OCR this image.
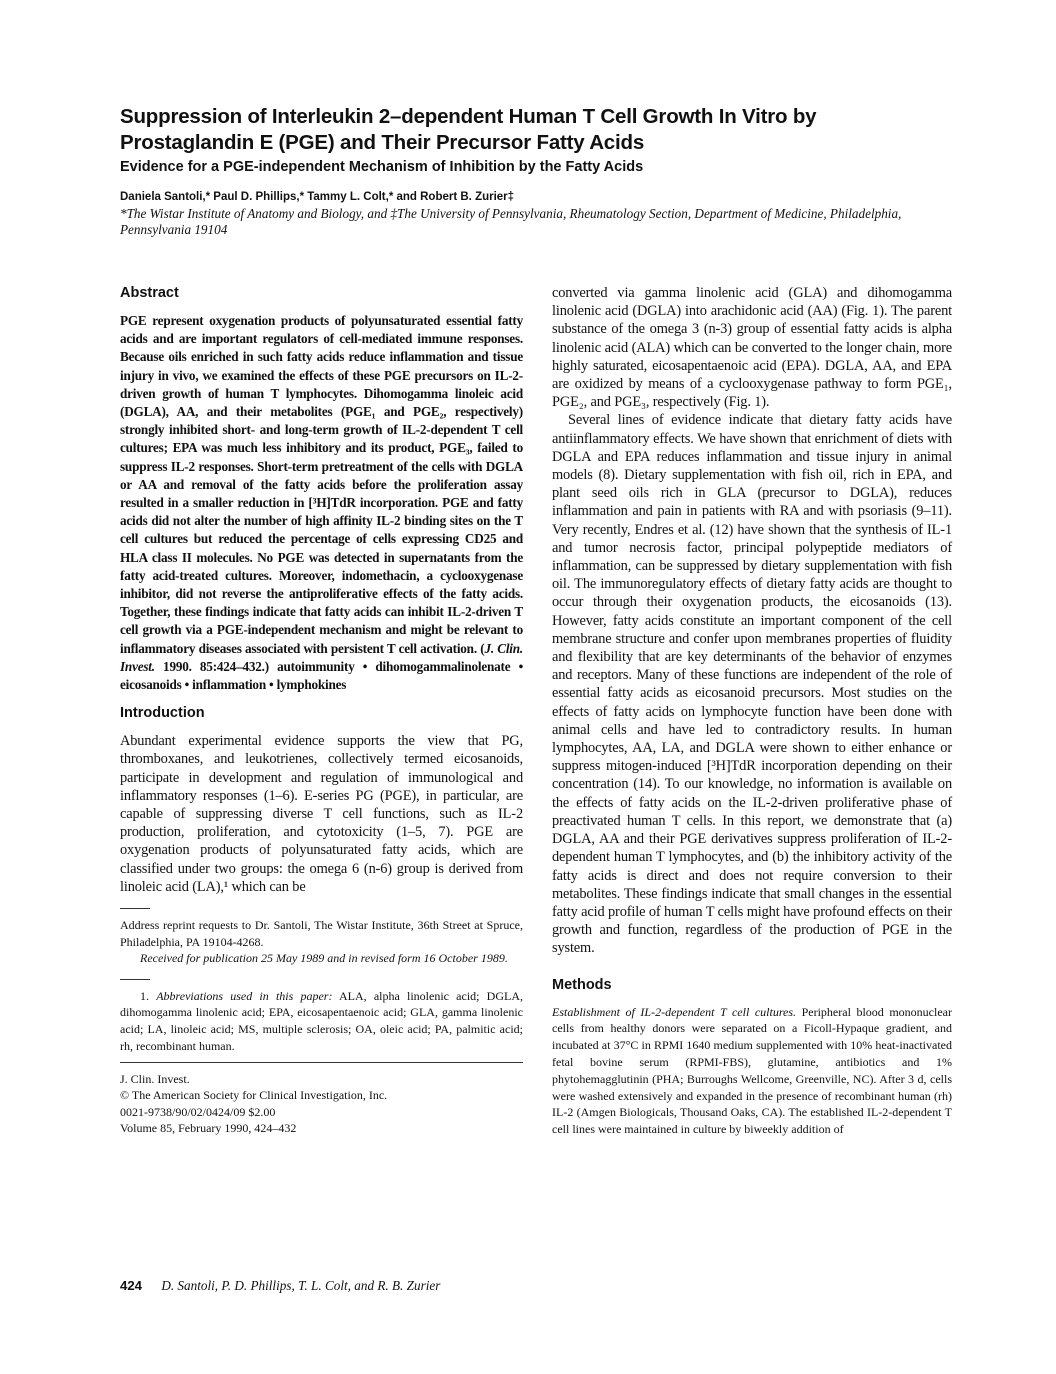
Suppression of Interleukin 2–dependent Human T Cell Growth In Vitro by Prostaglandin E (PGE) and Their Precursor Fatty Acids
Evidence for a PGE-independent Mechanism of Inhibition by the Fatty Acids
Daniela Santoli,* Paul D. Phillips,* Tammy L. Colt,* and Robert B. Zurier‡
*The Wistar Institute of Anatomy and Biology, and ‡The University of Pennsylvania, Rheumatology Section, Department of Medicine, Philadelphia, Pennsylvania 19104
Abstract

PGE represent oxygenation products of polyunsaturated essential fatty acids and are important regulators of cell-mediated immune responses. Because oils enriched in such fatty acids reduce inflammation and tissue injury in vivo, we examined the effects of these PGE precursors on IL-2-driven growth of human T lymphocytes. Dihomogamma linoleic acid (DGLA), AA, and their metabolites (PGE₁ and PGE₂, respectively) strongly inhibited short- and long-term growth of IL-2-dependent T cell cultures; EPA was much less inhibitory and its product, PGE₃, failed to suppress IL-2 responses. Short-term pretreatment of the cells with DGLA or AA and removal of the fatty acids before the proliferation assay resulted in a smaller reduction in [³H]TdR incorporation. PGE and fatty acids did not alter the number of high affinity IL-2 binding sites on the T cell cultures but reduced the percentage of cells expressing CD25 and HLA class II molecules. No PGE was detected in supernatants from the fatty acid-treated cultures. Moreover, indomethacin, a cyclooxygenase inhibitor, did not reverse the antiproliferative effects of the fatty acids. Together, these findings indicate that fatty acids can inhibit IL-2-driven T cell growth via a PGE-independent mechanism and might be relevant to inflammatory diseases associated with persistent T cell activation. (J. Clin. Invest. 1990. 85:424–432.) autoimmunity • dihomogammalinolenate • eicosanoids • inflammation • lymphokines

Introduction

Abundant experimental evidence supports the view that PG, thromboxanes, and leukotrienes, collectively termed eicosanoids, participate in development and regulation of immunological and inflammatory responses (1–6). E-series PG (PGE), in particular, are capable of suppressing diverse T cell functions, such as IL-2 production, proliferation, and cytotoxicity (1–5, 7). PGE are oxygenation products of polyunsaturated fatty acids, which are classified under two groups: the omega 6 (n-6) group is derived from linoleic acid (LA),¹ which can be

Address reprint requests to Dr. Santoli, The Wistar Institute, 36th Street at Spruce, Philadelphia, PA 19104-4268.

Received for publication 25 May 1989 and in revised form 16 October 1989.

1. Abbreviations used in this paper: ALA, alpha linolenic acid; DGLA, dihomogamma linolenic acid; EPA, eicosapentaenoic acid; GLA, gamma linolenic acid; LA, linoleic acid; MS, multiple sclerosis; OA, oleic acid; PA, palmitic acid; rh, recombinant human.

J. Clin. Invest.
© The American Society for Clinical Investigation, Inc.
0021-9738/90/02/0424/09 $2.00
Volume 85, February 1990, 424–432

converted via gamma linolenic acid (GLA) and dihomogamma linolenic acid (DGLA) into arachidonic acid (AA) (Fig. 1). The parent substance of the omega 3 (n-3) group of essential fatty acids is alpha linolenic acid (ALA) which can be converted to the longer chain, more highly saturated, eicosapentaenoic acid (EPA). DGLA, AA, and EPA are oxidized by means of a cyclooxygenase pathway to form PGE₁, PGE₂, and PGE₃, respectively (Fig. 1).

Several lines of evidence indicate that dietary fatty acids have antiinflammatory effects. We have shown that enrichment of diets with DGLA and EPA reduces inflammation and tissue injury in animal models (8). Dietary supplementation with fish oil, rich in EPA, and plant seed oils rich in GLA (precursor to DGLA), reduces inflammation and pain in patients with RA and with psoriasis (9–11). Very recently, Endres et al. (12) have shown that the synthesis of IL-1 and tumor necrosis factor, principal polypeptide mediators of inflammation, can be suppressed by dietary supplementation with fish oil. The immunoregulatory effects of dietary fatty acids are thought to occur through their oxygenation products, the eicosanoids (13). However, fatty acids constitute an important component of the cell membrane structure and confer upon membranes properties of fluidity and flexibility that are key determinants of the behavior of enzymes and receptors. Many of these functions are independent of the role of essential fatty acids as eicosanoid precursors. Most studies on the effects of fatty acids on lymphocyte function have been done with animal cells and have led to contradictory results. In human lymphocytes, AA, LA, and DGLA were shown to either enhance or suppress mitogen-induced [³H]TdR incorporation depending on their concentration (14). To our knowledge, no information is available on the effects of fatty acids on the IL-2-driven proliferative phase of preactivated human T cells. In this report, we demonstrate that (a) DGLA, AA and their PGE derivatives suppress proliferation of IL-2-dependent human T lymphocytes, and (b) the inhibitory activity of the fatty acids is direct and does not require conversion to their metabolites. These findings indicate that small changes in the essential fatty acid profile of human T cells might have profound effects on their growth and function, regardless of the production of PGE in the system.

Methods

Establishment of IL-2-dependent T cell cultures. Peripheral blood mononuclear cells from healthy donors were separated on a Ficoll-Hypaque gradient, and incubated at 37°C in RPMI 1640 medium supplemented with 10% heat-inactivated fetal bovine serum (RPMI-FBS), glutamine, antibiotics and 1% phytohemagglutinin (PHA; Burroughs Wellcome, Greenville, NC). After 3 d, cells were washed extensively and expanded in the presence of recombinant human (rh) IL-2 (Amgen Biologicals, Thousand Oaks, CA). The established IL-2-dependent T cell lines were maintained in culture by biweekly addition of

424 D. Santoli, P. D. Phillips, T. L. Colt, and R. B. Zurier
